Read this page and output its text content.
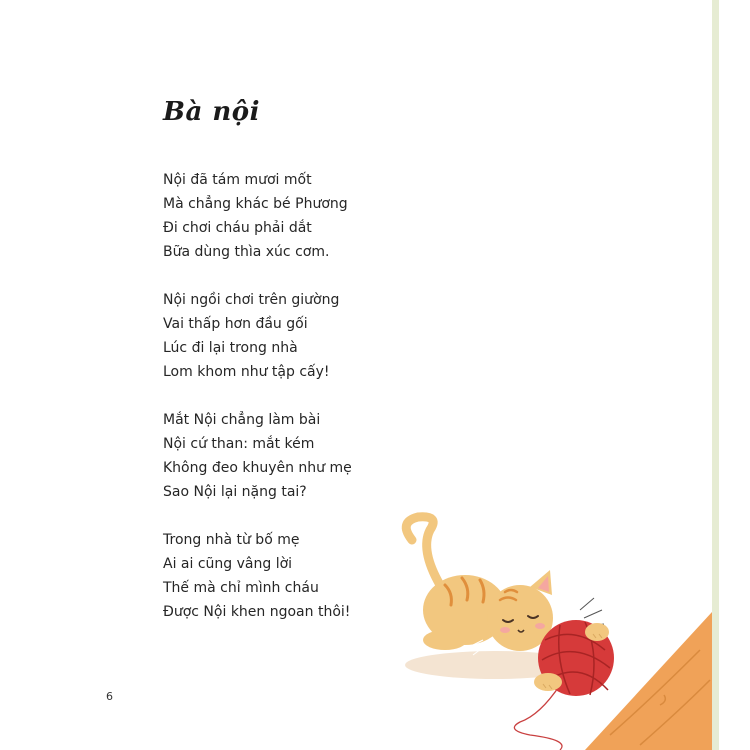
Bà nội
Nội đã tám mươi mốt
Mà chẳng khác bé Phương
Đi chơi cháu phải dắt
Bữa dùng thìa xúc cơm.
Nội ngồi chơi trên giường
Vai thấp hơn đầu gối
Lúc đi lại trong nhà
Lom khom như tập cấy!
Mắt Nội chẳng làm bài
Nội cứ than: mắt kém
Không đeo khuyên như mẹ
Sao Nội lại nặng tai?
Trong nhà từ bố mẹ
Ai ai cũng vâng lời
Thế mà chỉ mình cháu
Được Nội khen ngoan thôi!
6
